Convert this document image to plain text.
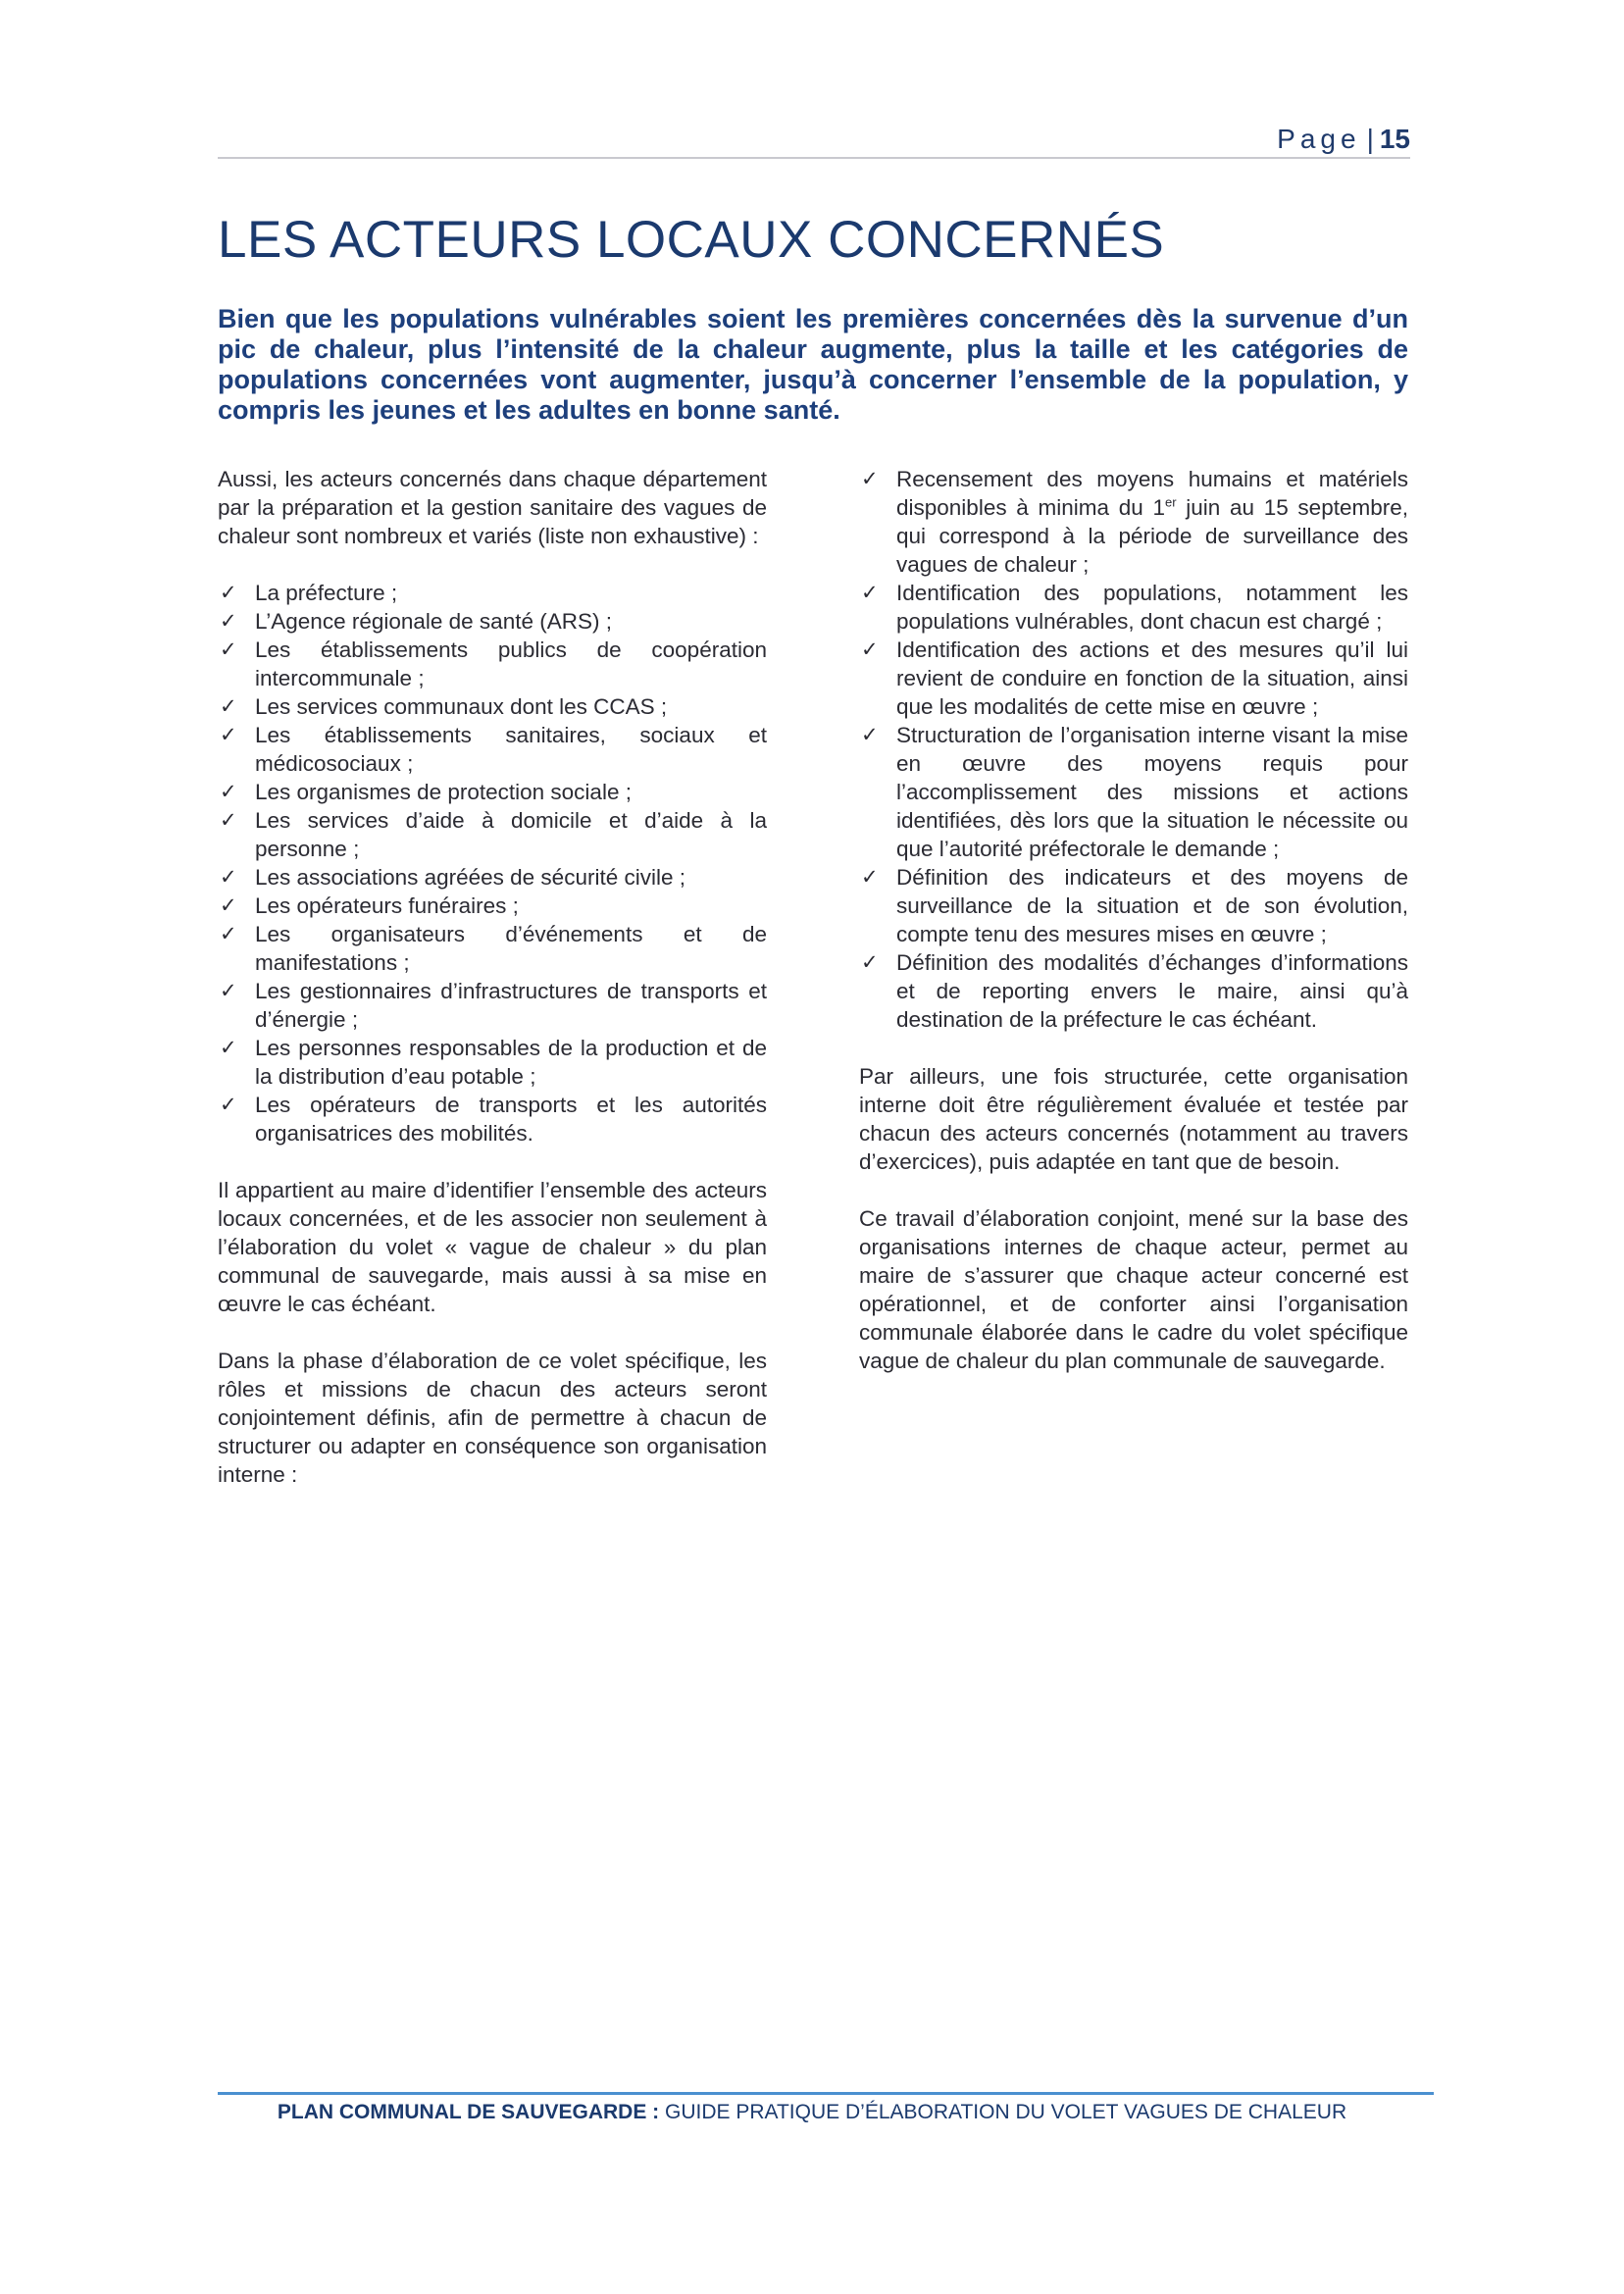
Page | 15
LES ACTEURS LOCAUX CONCERNÉS

Bien que les populations vulnérables soient les premières concernées dès la survenue d’un pic de chaleur, plus l’intensité de la chaleur augmente, plus la taille et les catégories de populations concernées vont augmenter, jusqu’à concerner l’ensemble de la population, y compris les jeunes et les adultes en bonne santé.

Aussi, les acteurs concernés dans chaque département par la préparation et la gestion sanitaire des vagues de chaleur sont nombreux et variés (liste non exhaustive) :

✓ La préfecture ;
✓ L’Agence régionale de santé (ARS) ;
✓ Les établissements publics de coopération intercommunale ;
✓ Les services communaux dont les CCAS ;
✓ Les établissements sanitaires, sociaux et médicosociaux ;
✓ Les organismes de protection sociale ;
✓ Les services d’aide à domicile et d’aide à la personne ;
✓ Les associations agréées de sécurité civile ;
✓ Les opérateurs funéraires ;
✓ Les organisateurs d’événements et de manifestations ;
✓ Les gestionnaires d’infrastructures de transports et d’énergie ;
✓ Les personnes responsables de la production et de la distribution d’eau potable ;
✓ Les opérateurs de transports et les autorités organisatrices des mobilités.

Il appartient au maire d’identifier l’ensemble des acteurs locaux concernées, et de les associer non seulement à l’élaboration du volet « vague de chaleur » du plan communal de sauvegarde, mais aussi à sa mise en œuvre le cas échéant.

Dans la phase d’élaboration de ce volet spécifique, les rôles et missions de chacun des acteurs seront conjointement définis, afin de permettre à chacun de structurer ou adapter en conséquence son organisation interne :

✓ Recensement des moyens humains et matériels disponibles à minima du 1er juin au 15 septembre, qui correspond à la période de surveillance des vagues de chaleur ;
✓ Identification des populations, notamment les populations vulnérables, dont chacun est chargé ;
✓ Identification des actions et des mesures qu’il lui revient de conduire en fonction de la situation, ainsi que les modalités de cette mise en œuvre ;
✓ Structuration de l’organisation interne visant la mise en œuvre des moyens requis pour l’accomplissement des missions et actions identifiées, dès lors que la situation le nécessite ou que l’autorité préfectorale le demande ;
✓ Définition des indicateurs et des moyens de surveillance de la situation et de son évolution, compte tenu des mesures mises en œuvre ;
✓ Définition des modalités d’échanges d’informations et de reporting envers le maire, ainsi qu’à destination de la préfecture le cas échéant.

Par ailleurs, une fois structurée, cette organisation interne doit être régulièrement évaluée et testée par chacun des acteurs concernés (notamment au travers d’exercices), puis adaptée en tant que de besoin.

Ce travail d’élaboration conjoint, mené sur la base des organisations internes de chaque acteur, permet au maire de s’assurer que chaque acteur concerné est opérationnel, et de conforter ainsi l’organisation communale élaborée dans le cadre du volet spécifique vague de chaleur du plan communale de sauvegarde.

PLAN COMMUNAL DE SAUVEGARDE : GUIDE PRATIQUE D’ÉLABORATION DU VOLET VAGUES DE CHALEUR
